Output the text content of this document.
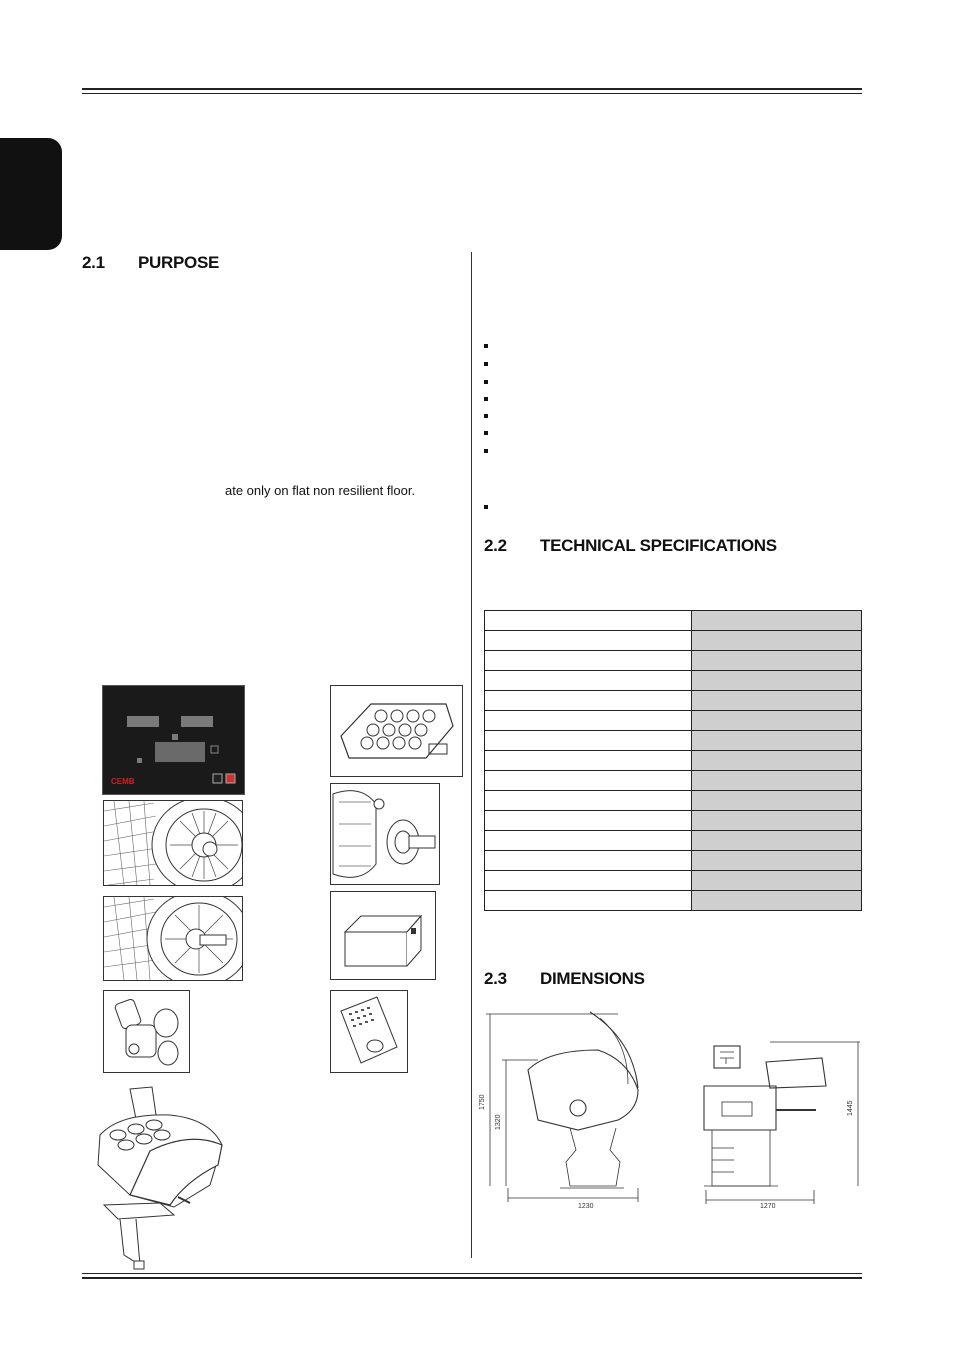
2.1 PURPOSE
2.2 TECHNICAL SPECIFICATIONS
2.3 DIMENSIONS
ate only on flat non resilient floor.

CEMB
1750
1320
1230
1445
1270
